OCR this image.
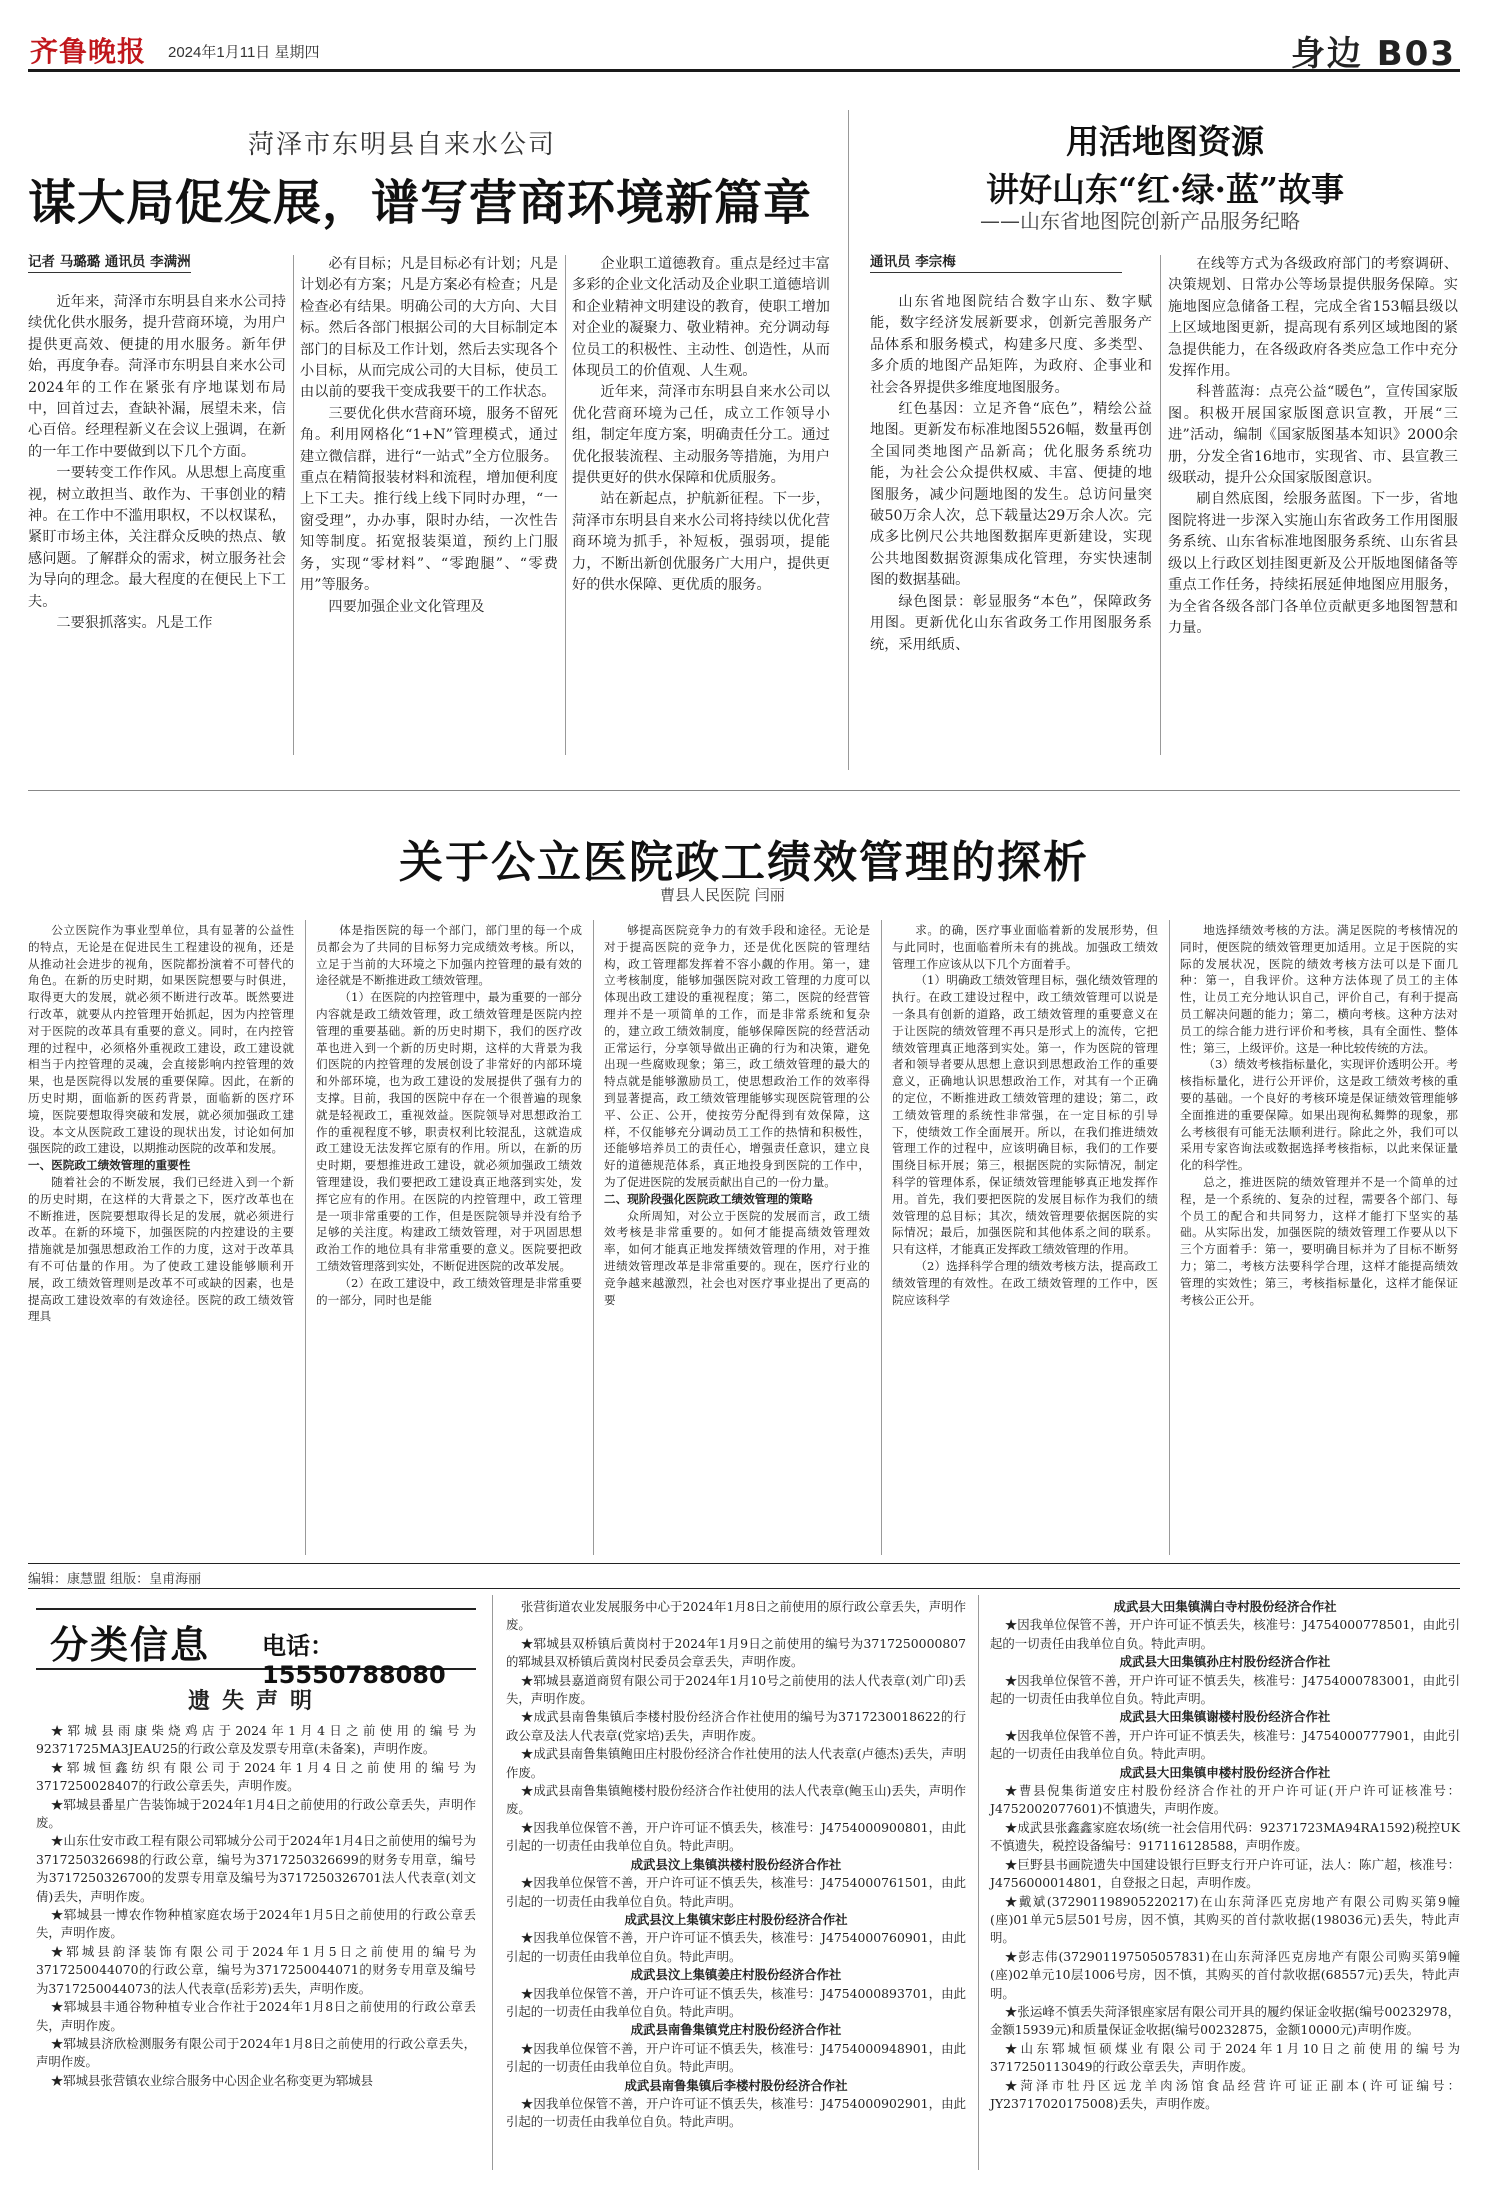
齐鲁晚报 2024年1月11日 星期四	身边 B03
菏泽市东明县自来水公司
谋大局促发展，谱写营商环境新篇章
记者 马璐璐 通讯员 李满洲

近年来，菏泽市东明县自来水公司持续优化供水服务，提升营商环境，为用户提供更高效、便捷的用水服务。新年伊始，再度争春。菏泽市东明县自来水公司2024年的工作在紧张有序地谋划布局中，回首过去，查缺补漏，展望未来，信心百倍。经理程新义在会议上强调，在新的一年工作中要做到以下几个方面。

一要转变工作作风。从思想上高度重视，树立敢担当、敢作为、干事创业的精神。在工作中不滥用职权，不以权谋私，紧盯市场主体，关注群众反映的热点、敏感问题。了解群众的需求，树立服务社会为导向的理念。最大程度的在便民上下工夫。

二要狠抓落实。凡是工作

必有目标；凡是目标必有计划；凡是计划必有方案；凡是方案必有检查；凡是检查必有结果。明确公司的大方向、大目标。然后各部门根据公司的大目标制定本部门的目标及工作计划，然后去实现各个小目标，从而完成公司的大目标，使员工由以前的要我干变成我要干的工作状态。

三要优化供水营商环境，服务不留死角。利用网格化“1+N”管理模式，通过建立微信群，进行“一站式”全方位服务。重点在精简报装材料和流程，增加便利度上下工夫。推行线上线下同时办理，“一窗受理”，办办事，限时办结，一次性告知等制度。拓宽报装渠道，预约上门服务，实现“零材料”、“零跑腿”、“零费用”等服务。

四要加强企业文化管理及

企业职工道德教育。重点是经过丰富多彩的企业文化活动及企业职工道德培训和企业精神文明建设的教育，使职工增加对企业的凝聚力、敬业精神。充分调动每位员工的积极性、主动性、创造性，从而体现员工的价值观、人生观。

近年来，菏泽市东明县自来水公司以优化营商环境为己任，成立工作领导小组，制定年度方案，明确责任分工。通过优化报装流程、主动服务等措施，为用户提供更好的供水保障和优质服务。

站在新起点，护航新征程。下一步，菏泽市东明县自来水公司将持续以优化营商环境为抓手，补短板，强弱项，提能力，不断出新创优服务广大用户，提供更好的供水保障、更优质的服务。

用活地图资源
讲好山东“红·绿·蓝”故事
——山东省地图院创新产品服务纪略
通讯员 李宗梅

山东省地图院结合数字山东、数字赋能，数字经济发展新要求，创新完善服务产品体系和服务模式，构建多尺度、多类型、多介质的地图产品矩阵，为政府、企事业和社会各界提供多维度地图服务。

红色基因：立足齐鲁“底色”，精绘公益地图。更新发布标准地图5526幅，数量再创全国同类地图产品新高；优化服务系统功能，为社会公众提供权威、丰富、便捷的地图服务，减少问题地图的发生。总访问量突破50万余人次，总下载量达29万余人次。完成多比例尺公共地图数据库更新建设，实现公共地图数据资源集成化管理，夯实快速制图的数据基础。

绿色图景：彰显服务“本色”，保障政务用图。更新优化山东省政务工作用图服务系统，采用纸质、

在线等方式为各级政府部门的考察调研、决策规划、日常办公等场景提供服务保障。实施地图应急储备工程，完成全省153幅县级以上区域地图更新，提高现有系列区域地图的紧急提供能力，在各级政府各类应急工作中充分发挥作用。

科普蓝海：点亮公益“暖色”，宣传国家版图。积极开展国家版图意识宣教，开展“三进”活动，编制《国家版图基本知识》2000余册，分发全省16地市，实现省、市、县宣教三级联动，提升公众国家版图意识。

刷自然底图，绘服务蓝图。下一步，省地图院将进一步深入实施山东省政务工作用图服务系统、山东省标准地图服务系统、山东省县级以上行政区划挂图更新及公开版地图储备等重点工作任务，持续拓展延伸地图应用服务，为全省各级各部门各单位贡献更多地图智慧和力量。

关于公立医院政工绩效管理的探析
曹县人民医院 闫丽

公立医院作为事业型单位，具有显著的公益性的特点，无论是在促进民生工程建设的视角，还是从推动社会进步的视角，医院都扮演着不可替代的角色。在新的历史时期，如果医院想要与时俱进，取得更大的发展，就必须不断进行改革。既然要进行改革，就要从内控管理开始抓起，因为内控管理对于医院的改革具有重要的意义。同时，在内控管理的过程中，必须格外重视政工建设，政工建设就相当于内控管理的灵魂，会直接影响内控管理的效果，也是医院得以发展的重要保障。因此，在新的历史时期，面临新的医药背景，面临新的医疗环境，医院要想取得突破和发展，就必须加强政工建设。本文从医院政工建设的现状出发，讨论如何加强医院的政工建设，以期推动医院的改革和发展。

一、医院政工绩效管理的重要性

随着社会的不断发展，我们已经进入到一个新的历史时期，在这样的大背景之下，医疗改革也在不断推进，医院要想取得长足的发展，就必须进行改革。在新的环境下，加强医院的内控建设的主要措施就是加强思想政治工作的力度，这对于改革具有不可估量的作用。为了使政工建设能够顺利开展，政工绩效管理则是改革不可或缺的因素，也是提高政工建设效率的有效途径。医院的政工绩效管理具

体是指医院的每一个部门，部门里的每一个成员都会为了共同的目标努力完成绩效考核。所以，立足于当前的大环境之下加强内控管理的最有效的途径就是不断推进政工绩效管理。

（1）在医院的内控管理中，最为重要的一部分内容就是政工绩效管理，政工绩效管理是医院内控管理的重要基础。新的历史时期下，我们的医疗改革也进入到一个新的历史时期，这样的大背景为我们医院的内控管理的发展创设了非常好的内部环境和外部环境，也为政工建设的发展提供了强有力的支撑。目前，我国的医院中存在一个很普遍的现象就是轻视政工，重视效益。医院领导对思想政治工作的重视程度不够，职责权利比较混乱，这就造成政工建设无法发挥它原有的作用。所以，在新的历史时期，要想推进政工建设，就必须加强政工绩效管理建设，我们要把政工建设真正地落到实处，发挥它应有的作用。在医院的内控管理中，政工管理是一项非常重要的工作，但是医院领导并没有给予足够的关注度。构建政工绩效管理，对于巩固思想政治工作的地位具有非常重要的意义。医院要把政工绩效管理落到实处，不断促进医院的改革发展。

（2）在政工建设中，政工绩效管理是非常重要的一部分，同时也是能

够提高医院竞争力的有效手段和途径。无论是对于提高医院的竞争力，还是优化医院的管理结构，政工管理都发挥着不容小觑的作用。第一，建立考核制度，能够加强医院对政工管理的力度可以体现出政工建设的重视程度；第二，医院的经营管理并不是一项简单的工作，而是非常系统和复杂的，建立政工绩效制度，能够保障医院的经营活动正常运行，分享领导做出正确的行为和决策，避免出现一些腐败现象；第三，政工绩效管理的最大的特点就是能够激励员工，使思想政治工作的效率得到显著提高，政工绩效管理能够实现医院管理的公平、公正、公开，使按劳分配得到有效保障，这样，不仅能够充分调动员工工作的热情和积极性，还能够培养员工的责任心，增强责任意识，建立良好的道德规范体系，真正地投身到医院的工作中，为了促进医院的发展贡献出自己的一份力量。

二、现阶段强化医院政工绩效管理的策略

众所周知，对公立于医院的发展而言，政工绩效考核是非常重要的。如何才能提高绩效管理效率，如何才能真正地发挥绩效管理的作用，对于推进绩效管理改革是非常重要的。现在，医疗行业的竞争越来越激烈，社会也对医疗事业提出了更高的要

求。的确，医疗事业面临着新的发展形势，但与此同时，也面临着所未有的挑战。加强政工绩效管理工作应该从以下几个方面着手。

（1）明确政工绩效管理目标，强化绩效管理的执行。在政工建设过程中，政工绩效管理可以说是一条具有创新的道路，政工绩效管理的重要意义在于让医院的绩效管理不再只是形式上的流传，它把绩效管理真正地落到实处。第一，作为医院的管理者和领导者要从思想上意识到思想政治工作的重要意义，正确地认识思想政治工作，对其有一个正确的定位，不断推进政工绩效管理的建设；第二，政工绩效管理的系统性非常强，在一定目标的引导下，使绩效工作全面展开。所以，在我们推进绩效管理工作的过程中，应该明确目标，我们的工作要围绕目标开展；第三，根据医院的实际情况，制定科学的管理体系，保证绩效管理能够真正地发挥作用。首先，我们要把医院的发展目标作为我们的绩效管理的总目标；其次，绩效管理要依据医院的实际情况；最后，加强医院和其他体系之间的联系。只有这样，才能真正发挥政工绩效管理的作用。

（2）选择科学合理的绩效考核方法，提高政工绩效管理的有效性。在政工绩效管理的工作中，医院应该科学

地选择绩效考核的方法。满足医院的考核情况的同时，便医院的绩效管理更加适用。立足于医院的实际的发展状况，医院的绩效考核方法可以是下面几种：第一，自我评价。这种方法体现了员工的主体性，让员工充分地认识自己，评价自己，有利于提高员工解决问题的能力；第二，横向考核。这种方法对员工的综合能力进行评价和考核，具有全面性、整体性；第三，上级评价。这是一种比较传统的方法。

（3）绩效考核指标量化，实现评价透明公开。考核指标量化，进行公开评价，这是政工绩效考核的重要的基础。一个良好的考核环境是保证绩效管理能够全面推进的重要保障。如果出现徇私舞弊的现象，那么考核很有可能无法顺利进行。除此之外，我们可以采用专家咨询法或数据选择考核指标，以此来保证量化的科学性。

总之，推进医院的绩效管理并不是一个简单的过程，是一个系统的、复杂的过程，需要各个部门、每个员工的配合和共同努力，这样才能打下坚实的基础。从实际出发，加强医院的绩效管理工作要从以下三个方面着手：第一，要明确目标并为了目标不断努力；第二，考核方法要科学合理，这样才能提高绩效管理的实效性；第三，考核指标量化，这样才能保证考核公正公开。

编辑：康慧盟 组版：皇甫海丽
分类信息 电话：15550788080
遗失声明

★郓城县雨康柴烧鸡店于2024年1月4日之前使用的编号为92371725MA3JEAU25的行政公章及发票专用章(未备案)，声明作废。

★郓城恒鑫纺织有限公司于2024年1月4日之前使用的编号为3717250028407的行政公章丢失，声明作废。

★郓城县番星广告装饰城于2024年1月4日之前使用的行政公章丢失，声明作废。

★山东仕安市政工程有限公司郓城分公司于2024年1月4日之前使用的编号为3717250326698的行政公章，编号为3717250326699的财务专用章，编号为3717250326700的发票专用章及编号为3717250326701法人代表章(刘文倩)丢失，声明作废。

★郓城县一博农作物种植家庭农场于2024年1月5日之前使用的行政公章丢失，声明作废。

★郓城县韵泽装饰有限公司于2024年1月5日之前使用的编号为3717250044070的行政公章，编号为3717250044071的财务专用章及编号为3717250044073的法人代表章(岳彩芳)丢失，声明作废。

★郓城县丰通谷物种植专业合作社于2024年1月8日之前使用的行政公章丢失，声明作废。

★郓城县济欣检测服务有限公司于2024年1月8日之前使用的行政公章丢失，声明作废。

★郓城县张营镇农业综合服务中心因企业名称变更为郓城县

张营街道农业发展服务中心于2024年1月8日之前使用的原行政公章丢失，声明作废。

★郓城县双桥镇后黄岗村于2024年1月9日之前使用的编号为3717250000807的郓城县双桥镇后黄岗村民委员会章丢失，声明作废。

★郓城县嘉道商贸有限公司于2024年1月10号之前使用的法人代表章(刘广印)丢失，声明作废。

★成武县南鲁集镇后李楼村股份经济合作社使用的编号为3717230018622的行政公章及法人代表章(党家培)丢失，声明作废。

★成武县南鲁集镇鲍田庄村股份经济合作社使用的法人代表章(卢德杰)丢失，声明作废。

★成武县南鲁集镇鲍楼村股份经济合作社使用的法人代表章(鲍玉山)丢失，声明作废。

★因我单位保管不善，开户许可证不慎丢失，核准号：J4754000900801，由此引起的一切责任由我单位自负。特此声明。

成武县汶上集镇洪楼村股份经济合作社

★因我单位保管不善，开户许可证不慎丢失，核准号：J4754000761501，由此引起的一切责任由我单位自负。特此声明。

成武县汶上集镇宋彭庄村股份经济合作社

★因我单位保管不善，开户许可证不慎丢失，核准号：J4754000760901，由此引起的一切责任由我单位自负。特此声明。

成武县汶上集镇姜庄村股份经济合作社

★因我单位保管不善，开户许可证不慎丢失，核准号：J4754000893701，由此引起的一切责任由我单位自负。特此声明。

成武县南鲁集镇党庄村股份经济合作社

★因我单位保管不善，开户许可证不慎丢失，核准号：J4754000948901，由此引起的一切责任由我单位自负。特此声明。

成武县南鲁集镇后李楼村股份经济合作社

★因我单位保管不善，开户许可证不慎丢失，核准号：J4754000902901，由此引起的一切责任由我单位自负。特此声明。

成武县大田集镇满白寺村股份经济合作社

★因我单位保管不善，开户许可证不慎丢失，核准号：J4754000778501，由此引起的一切责任由我单位自负。特此声明。

成武县大田集镇孙庄村股份经济合作社

★因我单位保管不善，开户许可证不慎丢失，核准号：J4754000783001，由此引起的一切责任由我单位自负。特此声明。

成武县大田集镇谢楼村股份经济合作社

★因我单位保管不善，开户许可证不慎丢失，核准号：J4754000777901，由此引起的一切责任由我单位自负。特此声明。

成武县大田集镇申楼村股份经济合作社

★曹县倪集街道安庄村股份经济合作社的开户许可证(开户许可证核准号：J4752002077601)不慎遗失，声明作废。

★成武县张鑫鑫家庭农场(统一社会信用代码：92371723MA94RA1592)税控UK不慎遗失，税控设备编号：917116128588，声明作废。

★巨野县书画院遗失中国建设银行巨野支行开户许可证，法人：陈广超，核准号：J4756000014801，自登报之日起，声明作废。

★戴斌(372901198905220217)在山东菏泽匹克房地产有限公司购买第9幢(座)01单元5层501号房，因不慎，其购买的首付款收据(198036元)丢失，特此声明。

★彭志伟(372901197505057831)在山东菏泽匹克房地产有限公司购买第9幢(座)02单元10层1006号房，因不慎，其购买的首付款收据(68557元)丢失，特此声明。

★张运峰不慎丢失菏泽银座家居有限公司开具的履约保证金收据(编号00232978，金额15939元)和质量保证金收据(编号00232875，金额10000元)声明作废。

★山东郓城恒硕煤业有限公司于2024年1月10日之前使用的编号为3717250113049的行政公章丢失，声明作废。

★菏泽市牡丹区远龙羊肉汤馆食品经营许可证正副本(许可证编号：JY23717020175008)丢失，声明作废。
